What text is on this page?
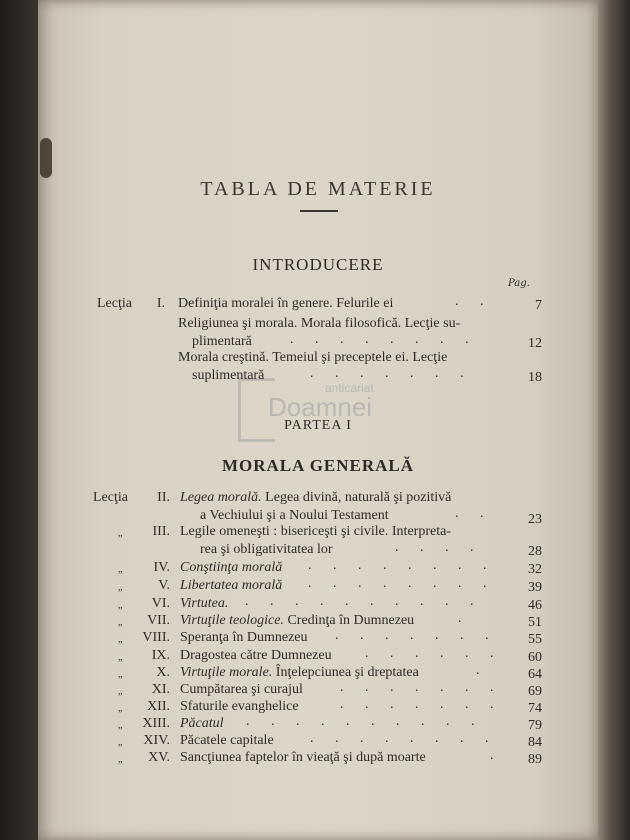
TABLA DE MATERIE
anticariat
Doamnei
INTRODUCERE
Pag.
Lecţia	I. Definiţia moralei în genere. Felurile ei	. .	7
Religiunea şi morala. Morala filosofică. Lecţie su-
plimentară	. . . . . . . .	12
Morala creştină. Temeiul şi preceptele ei. Lecţie
suplimentară	. . . . . . .	18
PARTEA I
MORALA GENERALĂ
Lecţia	II. Legea morală. Legea divină, naturală şi pozitivă
a Vechiului şi a Noului Testament	. .	23
„	III. Legile omeneşti : bisericeşti şi civile. Interpreta-
rea şi obligativitatea lor	. . . .	28
„	IV. Conştiinţa morală . . . . . . . .	32
„	V. Libertatea morală . . . . . . . .	39
„	VI. Virtutea. . . . . . . . . . .	46
„	VII. Virtuţile teologice. Credinţa în Dumnezeu	.	51
„	VIII. Speranţa în Dumnezeu . . . . . . .	55
„	IX. Dragostea către Dumnezeu . . . . . .	60
„	X. Virtuţile morale. Înţelepciunea şi dreptatea	.	64
„	XI. Cumpătarea şi curajul	. . . . . . .	69
„	XII. Sfaturile evanghelice	. . . . . . .	74
„	XIII. Păcatul . . . . . . . . . .	79
„	XIV. Păcatele capitale	. . . . . . . .	84
„	XV. Sancţiunea faptelor în vieaţă şi după moarte	.	89
